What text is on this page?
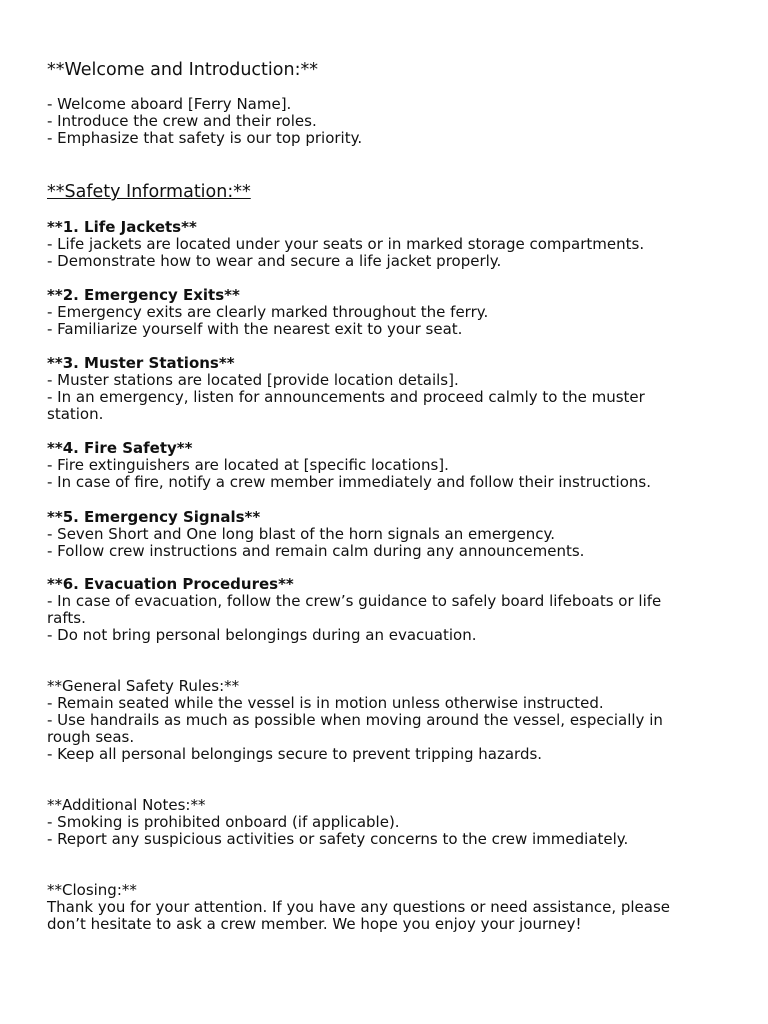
**Welcome and Introduction:**
- Welcome aboard [Ferry Name].
- Introduce the crew and their roles.
- Emphasize that safety is our top priority.
**Safety Information:**
**1. Life Jackets**
- Life jackets are located under your seats or in marked storage compartments.
- Demonstrate how to wear and secure a life jacket properly.
**2. Emergency Exits**
- Emergency exits are clearly marked throughout the ferry.
- Familiarize yourself with the nearest exit to your seat.
**3. Muster Stations**
- Muster stations are located [provide location details].
- In an emergency, listen for announcements and proceed calmly to the muster
station.
**4. Fire Safety**
- Fire extinguishers are located at [specific locations].
- In case of fire, notify a crew member immediately and follow their instructions.
**5. Emergency Signals**
- Seven Short and One long blast of the horn signals an emergency.
- Follow crew instructions and remain calm during any announcements.
**6. Evacuation Procedures**
- In case of evacuation, follow the crew’s guidance to safely board lifeboats or life
rafts.
- Do not bring personal belongings during an evacuation.
**General Safety Rules:**
- Remain seated while the vessel is in motion unless otherwise instructed.
- Use handrails as much as possible when moving around the vessel, especially in
rough seas.
- Keep all personal belongings secure to prevent tripping hazards.
**Additional Notes:**
- Smoking is prohibited onboard (if applicable).
- Report any suspicious activities or safety concerns to the crew immediately.
**Closing:**
Thank you for your attention. If you have any questions or need assistance, please
don’t hesitate to ask a crew member. We hope you enjoy your journey!
